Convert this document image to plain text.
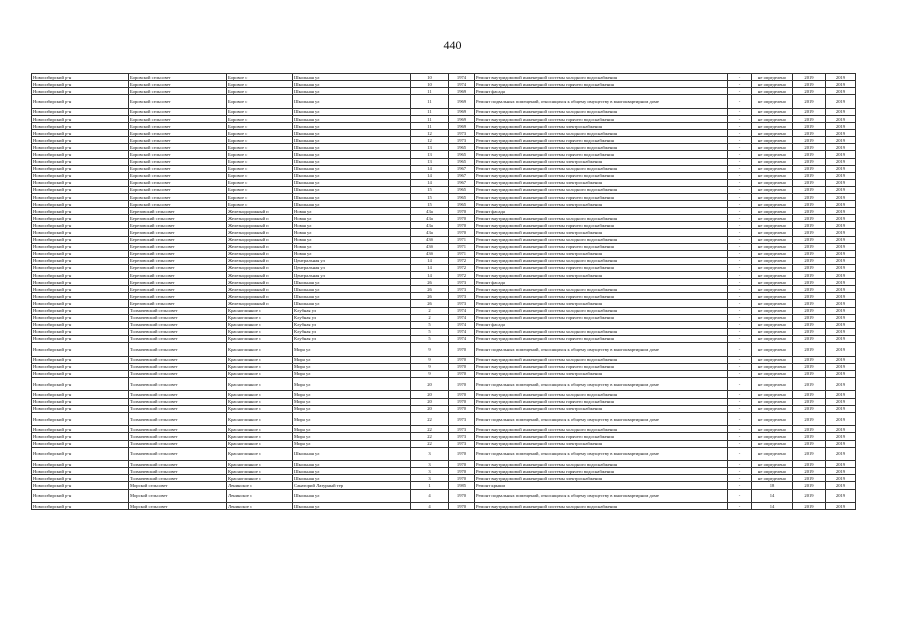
440
Новосибирский р-н	Боровской сельсовет	Боровое с	Школьная ул	10	1974	Ремонт внутридомовой инженерной системы холодного водоснабжения	-	не определено	2019	2019
Новосибирский р-н	Боровской сельсовет	Боровое с	Школьная ул	10	1974	Ремонт внутридомовой инженерной системы горячего водоснабжения	-	не определено	2019	2019
Новосибирский р-н	Боровской сельсовет	Боровое с	Школьная ул	11	1969	Ремонт фасада	-	не определено	2019	2019
Новосибирский р-н	Боровской сельсовет	Боровое с	Школьная ул	11	1969	Ремонт подвальных помещений, относящихся к общему имуществу в многоквартирном доме	-	не определено	2019	2019
Новосибирский р-н	Боровской сельсовет	Боровое с	Школьная ул	11	1969	Ремонт внутридомовой инженерной системы холодного водоснабжения	-	не определено	2019	2019
Новосибирский р-н	Боровской сельсовет	Боровое с	Школьная ул	11	1969	Ремонт внутридомовой инженерной системы горячего водоснабжения	-	не определено	2019	2019
Новосибирский р-н	Боровской сельсовет	Боровое с	Школьная ул	11	1969	Ремонт внутридомовой инженерной системы электроснабжения	-	не определено	2019	2019
Новосибирский р-н	Боровской сельсовет	Боровое с	Школьная ул	12	1973	Ремонт внутридомовой инженерной системы холодного водоснабжения	-	не определено	2019	2019
Новосибирский р-н	Боровской сельсовет	Боровое с	Школьная ул	12	1973	Ремонт внутридомовой инженерной системы горячего водоснабжения	-	не определено	2019	2019
Новосибирский р-н	Боровской сельсовет	Боровое с	Школьная ул	13	1965	Ремонт внутридомовой инженерной системы холодного водоснабжения	-	не определено	2019	2019
Новосибирский р-н	Боровской сельсовет	Боровое с	Школьная ул	13	1965	Ремонт внутридомовой инженерной системы горячего водоснабжения	-	не определено	2019	2019
Новосибирский р-н	Боровской сельсовет	Боровое с	Школьная ул	13	1965	Ремонт внутридомовой инженерной системы электроснабжения	-	не определено	2019	2019
Новосибирский р-н	Боровской сельсовет	Боровое с	Школьная ул	14	1967	Ремонт внутридомовой инженерной системы холодного водоснабжения	-	не определено	2019	2019
Новосибирский р-н	Боровской сельсовет	Боровое с	Школьная ул	14	1967	Ремонт внутридомовой инженерной системы горячего водоснабжения	-	не определено	2019	2019
Новосибирский р-н	Боровской сельсовет	Боровое с	Школьная ул	14	1967	Ремонт внутридомовой инженерной системы электроснабжения	-	не определено	2019	2019
Новосибирский р-н	Боровской сельсовет	Боровое с	Школьная ул	15	1965	Ремонт внутридомовой инженерной системы холодного водоснабжения	-	не определено	2019	2019
Новосибирский р-н	Боровской сельсовет	Боровое с	Школьная ул	15	1965	Ремонт внутридомовой инженерной системы горячего водоснабжения	-	не определено	2019	2019
Новосибирский р-н	Боровской сельсовет	Боровое с	Школьная ул	15	1965	Ремонт внутридомовой инженерной системы электроснабжения	-	не определено	2019	2019
Новосибирский р-н	Березовский сельсовет	Железнодорожный п	Новая ул	43а	1970	Ремонт фасада	-	не определено	2019	2019
Новосибирский р-н	Березовский сельсовет	Железнодорожный п	Новая ул	43а	1970	Ремонт внутридомовой инженерной системы холодного водоснабжения	-	не определено	2019	2019
Новосибирский р-н	Березовский сельсовет	Железнодорожный п	Новая ул	43а	1970	Ремонт внутридомовой инженерной системы горячего водоснабжения	-	не определено	2019	2019
Новосибирский р-н	Березовский сельсовет	Железнодорожный п	Новая ул	43а	1970	Ремонт внутридомовой инженерной системы электроснабжения	-	не определено	2019	2019
Новосибирский р-н	Березовский сельсовет	Железнодорожный п	Новая ул	43б	1971	Ремонт внутридомовой инженерной системы холодного водоснабжения	-	не определено	2019	2019
Новосибирский р-н	Березовский сельсовет	Железнодорожный п	Новая ул	43б	1971	Ремонт внутридомовой инженерной системы горячего водоснабжения	-	не определено	2019	2019
Новосибирский р-н	Березовский сельсовет	Железнодорожный п	Новая ул	43б	1971	Ремонт внутридомовой инженерной системы электроснабжения	-	не определено	2019	2019
Новосибирский р-н	Березовский сельсовет	Железнодорожный п	Центральная ул	14	1972	Ремонт внутридомовой инженерной системы холодного водоснабжения	-	не определено	2019	2019
Новосибирский р-н	Березовский сельсовет	Железнодорожный п	Центральная ул	14	1972	Ремонт внутридомовой инженерной системы горячего водоснабжения	-	не определено	2019	2019
Новосибирский р-н	Березовский сельсовет	Железнодорожный п	Центральная ул	14	1972	Ремонт внутридомовой инженерной системы электроснабжения	-	не определено	2019	2019
Новосибирский р-н	Березовский сельсовет	Железнодорожный п	Школьная ул	26	1973	Ремонт фасада	-	не определено	2019	2019
Новосибирский р-н	Березовский сельсовет	Железнодорожный п	Школьная ул	26	1973	Ремонт внутридомовой инженерной системы холодного водоснабжения	-	не определено	2019	2019
Новосибирский р-н	Березовский сельсовет	Железнодорожный п	Школьная ул	26	1973	Ремонт внутридомовой инженерной системы горячего водоснабжения	-	не определено	2019	2019
Новосибирский р-н	Березовский сельсовет	Железнодорожный п	Школьная ул	26	1973	Ремонт внутридомовой инженерной системы электроснабжения	-	не определено	2019	2019
Новосибирский р-н	Толмачевский сельсовет	Красноглинное с	Клубная ул	2	1974	Ремонт внутридомовой инженерной системы холодного водоснабжения	-	не определено	2019	2019
Новосибирский р-н	Толмачевский сельсовет	Красноглинное с	Клубная ул	2	1974	Ремонт внутридомовой инженерной системы горячего водоснабжения	-	не определено	2019	2019
Новосибирский р-н	Толмачевский сельсовет	Красноглинное с	Клубная ул	5	1974	Ремонт фасада	-	не определено	2019	2019
Новосибирский р-н	Толмачевский сельсовет	Красноглинное с	Клубная ул	5	1974	Ремонт внутридомовой инженерной системы холодного водоснабжения	-	не определено	2019	2019
Новосибирский р-н	Толмачевский сельсовет	Красноглинное с	Клубная ул	5	1974	Ремонт внутридомовой инженерной системы горячего водоснабжения	-	не определено	2019	2019
Новосибирский р-н	Толмачевский сельсовет	Красноглинное с	Мира ул	9	1970	Ремонт подвальных помещений, относящихся к общему имуществу в многоквартирном доме	-	не определено	2019	2019
Новосибирский р-н	Толмачевский сельсовет	Красноглинное с	Мира ул	9	1970	Ремонт внутридомовой инженерной системы холодного водоснабжения	-	не определено	2019	2019
Новосибирский р-н	Толмачевский сельсовет	Красноглинное с	Мира ул	9	1970	Ремонт внутридомовой инженерной системы горячего водоснабжения	-	не определено	2019	2019
Новосибирский р-н	Толмачевский сельсовет	Красноглинное с	Мира ул	9	1970	Ремонт внутридомовой инженерной системы электроснабжения	-	не определено	2019	2019
Новосибирский р-н	Толмачевский сельсовет	Красноглинное с	Мира ул	20	1970	Ремонт подвальных помещений, относящихся к общему имуществу в многоквартирном доме	-	не определено	2019	2019
Новосибирский р-н	Толмачевский сельсовет	Красноглинное с	Мира ул	20	1970	Ремонт внутридомовой инженерной системы холодного водоснабжения	-	не определено	2019	2019
Новосибирский р-н	Толмачевский сельсовет	Красноглинное с	Мира ул	20	1970	Ремонт внутридомовой инженерной системы горячего водоснабжения	-	не определено	2019	2019
Новосибирский р-н	Толмачевский сельсовет	Красноглинное с	Мира ул	20	1970	Ремонт внутридомовой инженерной системы электроснабжения	-	не определено	2019	2019
Новосибирский р-н	Толмачевский сельсовет	Красноглинное с	Мира ул	22	1973	Ремонт подвальных помещений, относящихся к общему имуществу в многоквартирном доме	-	не определено	2019	2019
Новосибирский р-н	Толмачевский сельсовет	Красноглинное с	Мира ул	22	1973	Ремонт внутридомовой инженерной системы холодного водоснабжения	-	не определено	2019	2019
Новосибирский р-н	Толмачевский сельсовет	Красноглинное с	Мира ул	22	1973	Ремонт внутридомовой инженерной системы горячего водоснабжения	-	не определено	2019	2019
Новосибирский р-н	Толмачевский сельсовет	Красноглинное с	Мира ул	22	1973	Ремонт внутридомовой инженерной системы электроснабжения	-	не определено	2019	2019
Новосибирский р-н	Толмачевский сельсовет	Красноглинное с	Школьная ул	3	1970	Ремонт подвальных помещений, относящихся к общему имуществу в многоквартирном доме	-	не определено	2019	2019
Новосибирский р-н	Толмачевский сельсовет	Красноглинное с	Школьная ул	3	1970	Ремонт внутридомовой инженерной системы холодного водоснабжения	-	не определено	2019	2019
Новосибирский р-н	Толмачевский сельсовет	Красноглинное с	Школьная ул	3	1970	Ремонт внутридомовой инженерной системы горячего водоснабжения	-	не определено	2019	2019
Новосибирский р-н	Толмачевский сельсовет	Красноглинное с	Школьная ул	3	1970	Ремонт внутридомовой инженерной системы электроснабжения	-	не определено	2019	2019
Новосибирский р-н	Морской сельсовет	Ленинское с	Санаторий Лазурный тер	1	1985	Ремонт крыши	-	18	2019	2019
Новосибирский р-н	Морской сельсовет	Ленинское с	Школьная ул	4	1970	Ремонт подвальных помещений, относящихся к общему имуществу в многоквартирном доме	-	14	2019	2019
Новосибирский р-н	Морской сельсовет	Ленинское с	Школьная ул	4	1970	Ремонт внутридомовой инженерной системы холодного водоснабжения	-	14	2019	2019
